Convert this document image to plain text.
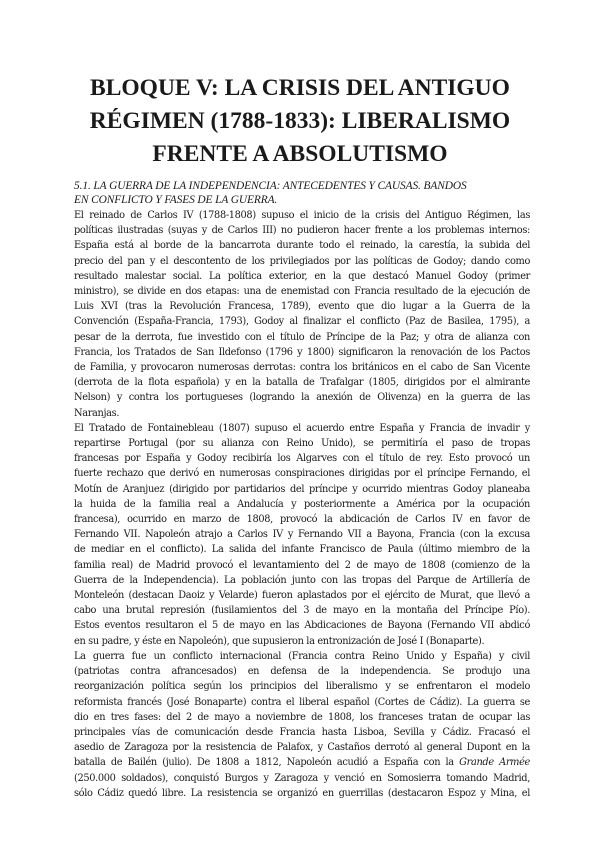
BLOQUE V: LA CRISIS DEL ANTIGUO
RÉGIMEN (1788-1833): LIBERALISMO
FRENTE A ABSOLUTISMO
5.1. LA GUERRA DE LA INDEPENDENCIA: ANTECEDENTES Y CAUSAS. BANDOS
EN CONFLICTO Y FASES DE LA GUERRA.

El reinado de Carlos IV (1788-1808) supuso el inicio de la crisis del Antiguo Régimen, las
políticas ilustradas (suyas y de Carlos III) no pudieron hacer frente a los problemas internos:
España está al borde de la bancarrota durante todo el reinado, la carestía, la subida del
precio del pan y el descontento de los privilegiados por las políticas de Godoy; dando como
resultado malestar social. La política exterior, en la que destacó Manuel Godoy (primer
ministro), se divide en dos etapas: una de enemistad con Francia resultado de la ejecución de
Luis XVI (tras la Revolución Francesa, 1789), evento que dio lugar a la Guerra de la
Convención (España-Francia, 1793), Godoy al finalizar el conflicto (Paz de Basilea, 1795), a
pesar de la derrota, fue investido con el título de Príncipe de la Paz; y otra de alianza con
Francia, los Tratados de San Ildefonso (1796 y 1800) significaron la renovación de los Pactos
de Familia, y provocaron numerosas derrotas: contra los británicos en el cabo de San Vicente
(derrota de la flota española) y en la batalla de Trafalgar (1805, dirigidos por el almirante
Nelson) y contra los portugueses (logrando la anexión de Olivenza) en la guerra de las
Naranjas.

El Tratado de Fontainebleau (1807) supuso el acuerdo entre España y Francia de invadir y
repartirse Portugal (por su alianza con Reino Unido), se permitiría el paso de tropas
francesas por España y Godoy recibiría los Algarves con el título de rey. Esto provocó un
fuerte rechazo que derivó en numerosas conspiraciones dirigidas por el príncipe Fernando, el
Motín de Aranjuez (dirigido por partidarios del príncipe y ocurrido mientras Godoy planeaba
la huida de la familia real a Andalucía y posteriormente a América por la ocupación
francesa), ocurrido en marzo de 1808, provocó la abdicación de Carlos IV en favor de
Fernando VII. Napoleón atrajo a Carlos IV y Fernando VII a Bayona, Francia (con la excusa
de mediar en el conflicto). La salida del infante Francisco de Paula (último miembro de la
familia real) de Madrid provocó el levantamiento del 2 de mayo de 1808 (comienzo de la
Guerra de la Independencia). La población junto con las tropas del Parque de Artillería de
Monteleón (destacan Daoiz y Velarde) fueron aplastados por el ejército de Murat, que llevó a
cabo una brutal represión (fusilamientos del 3 de mayo en la montaña del Príncipe Pío).
Estos eventos resultaron el 5 de mayo en las Abdicaciones de Bayona (Fernando VII abdicó
en su padre, y éste en Napoleón), que supusieron la entronización de José I (Bonaparte).

La guerra fue un conflicto internacional (Francia contra Reino Unido y España) y civil
(patriotas contra afrancesados) en defensa de la independencia. Se produjo una
reorganización política según los principios del liberalismo y se enfrentaron el modelo
reformista francés (José Bonaparte) contra el liberal español (Cortes de Cádiz). La guerra se
dio en tres fases: del 2 de mayo a noviembre de 1808, los franceses tratan de ocupar las
principales vías de comunicación desde Francia hasta Lisboa, Sevilla y Cádiz. Fracasó el
asedio de Zaragoza por la resistencia de Palafox, y Castaños derrotó al general Dupont en la
batalla de Bailén (julio). De 1808 a 1812, Napoleón acudió a España con la Grande Armée
(250.000 soldados), conquistó Burgos y Zaragoza y venció en Somosierra tomando Madrid,
sólo Cádiz quedó libre. La resistencia se organizó en guerrillas (destacaron Espoz y Mina, el
